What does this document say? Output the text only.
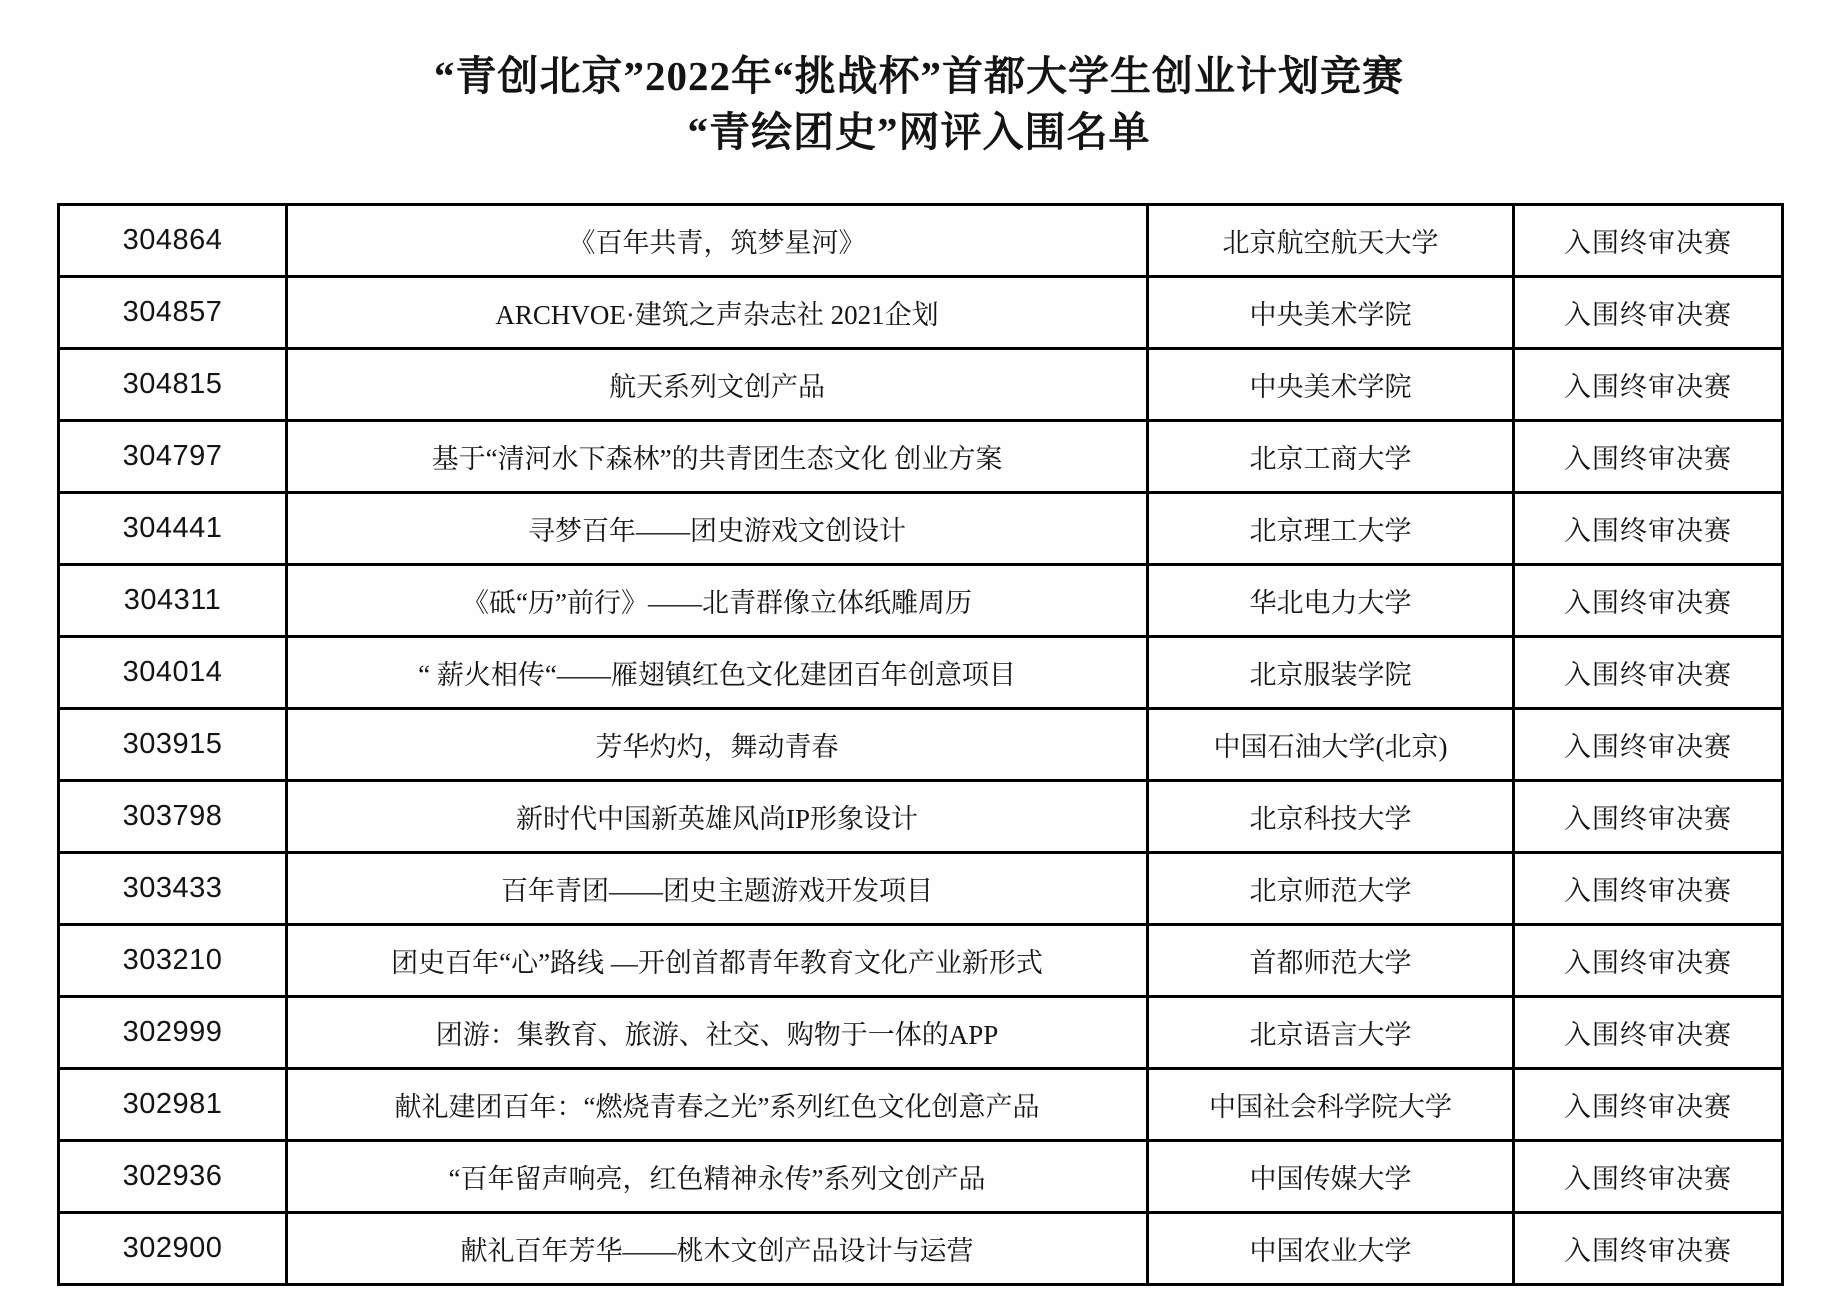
“青创北京”2022年“挑战杯”首都大学生创业计划竞赛
“青绘团史”网评入围名单
304864	《百年共青，筑梦星河》	北京航空航天大学	入围终审决赛
304857	ARCHVOE·建筑之声杂志社 2021企划	中央美术学院	入围终审决赛
304815	航天系列文创产品	中央美术学院	入围终审决赛
304797	基于“清河水下森林”的共青团生态文化 创业方案	北京工商大学	入围终审决赛
304441	寻梦百年——团史游戏文创设计	北京理工大学	入围终审决赛
304311	《砥“历”前行》——北青群像立体纸雕周历	华北电力大学	入围终审决赛
304014	“ 薪火相传“——雁翅镇红色文化建团百年创意项目	北京服装学院	入围终审决赛
303915	芳华灼灼，舞动青春	中国石油大学(北京)	入围终审决赛
303798	新时代中国新英雄风尚IP形象设计	北京科技大学	入围终审决赛
303433	百年青团——团史主题游戏开发项目	北京师范大学	入围终审决赛
303210	团史百年“心”路线 —开创首都青年教育文化产业新形式	首都师范大学	入围终审决赛
302999	团游：集教育、旅游、社交、购物于一体的APP	北京语言大学	入围终审决赛
302981	献礼建团百年：“燃烧青春之光”系列红色文化创意产品	中国社会科学院大学	入围终审决赛
302936	“百年留声响亮，红色精神永传”系列文创产品	中国传媒大学	入围终审决赛
302900	献礼百年芳华——桃木文创产品设计与运营	中国农业大学	入围终审决赛
